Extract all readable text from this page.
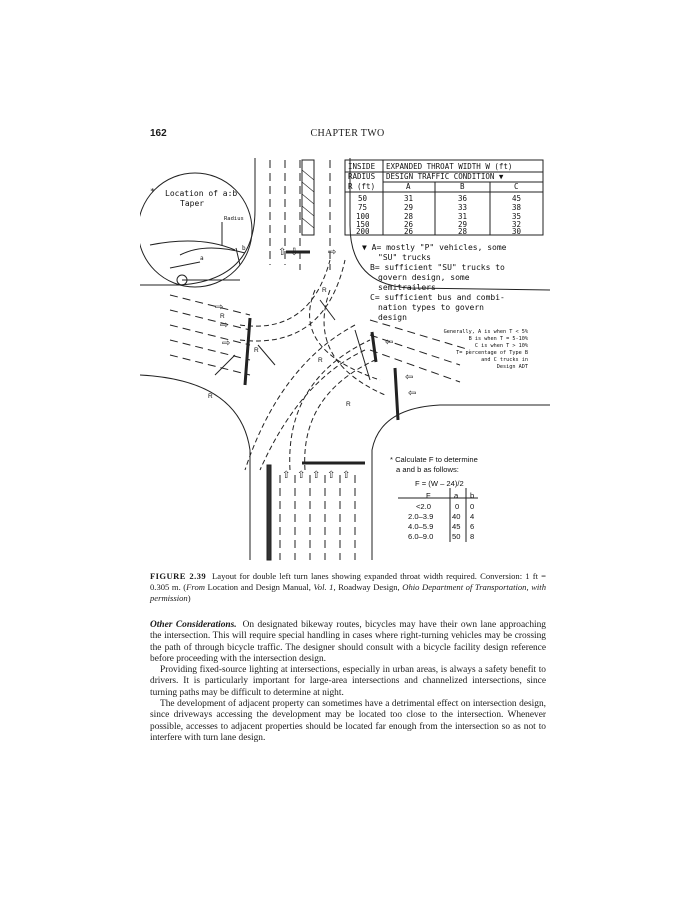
162	CHAPTER TWO
⇧ ⇩	⇨
⇧ ⇧ ⇧ ⇧ ⇧
⇨
⇨
⇨	⇦
⇦
⇦
INSIDE
RADIUS
R (ft)
EXPANDED THROAT WIDTH W (ft)
DESIGN TRAFFIC CONDITION ▼
A	B	C
50	31	36	45
75	29	33	38
100	28	31	35
150	26	29	32
200	26	28	30
▼ A= mostly "P" vehicles, some
"SU" trucks
B= sufficient "SU" trucks to
govern design, some
semitrailers
C= sufficient bus and combi-
nation types to govern
design
Generally, A is when T < 5%
B is when T = 5-10%
C is when T > 10%
T= percentage of Type B
and C trucks in
Design ADT
* Location of a:b
Taper
Radius
a
b
R
R
R
R
R
R
* Calculate F to determine
a and b as follows:
F = (W – 24)/2
F	a b
<2.0	0 0
2.0–3.9 40 4
4.0–5.9 45 6
6.0–9.0 50 8
FIGURE 2.39 Layout for double left turn lanes showing expanded throat width required. Conversion: 1 ft = 0.305 m. (From Location and Design Manual, Vol. 1, Roadway Design, Ohio Department of Transportation, with permission)

Other Considerations. On designated bikeway routes, bicycles may have their own lane approaching the intersection. This will require special handling in cases where right-turning vehicles may be crossing the path of through bicycle traffic. The designer should consult with a bicycle facility design reference before proceeding with the intersection design.

Providing fixed-source lighting at intersections, especially in urban areas, is always a safety benefit to drivers. It is particularly important for large-area intersections and channelized intersections, since turning paths may be difficult to determine at night.

The development of adjacent property can sometimes have a detrimental effect on intersection design, since driveways accessing the development may be located too close to the intersection. Whenever possible, accesses to adjacent properties should be located far enough from the intersection so as not to interfere with turn lane design.
